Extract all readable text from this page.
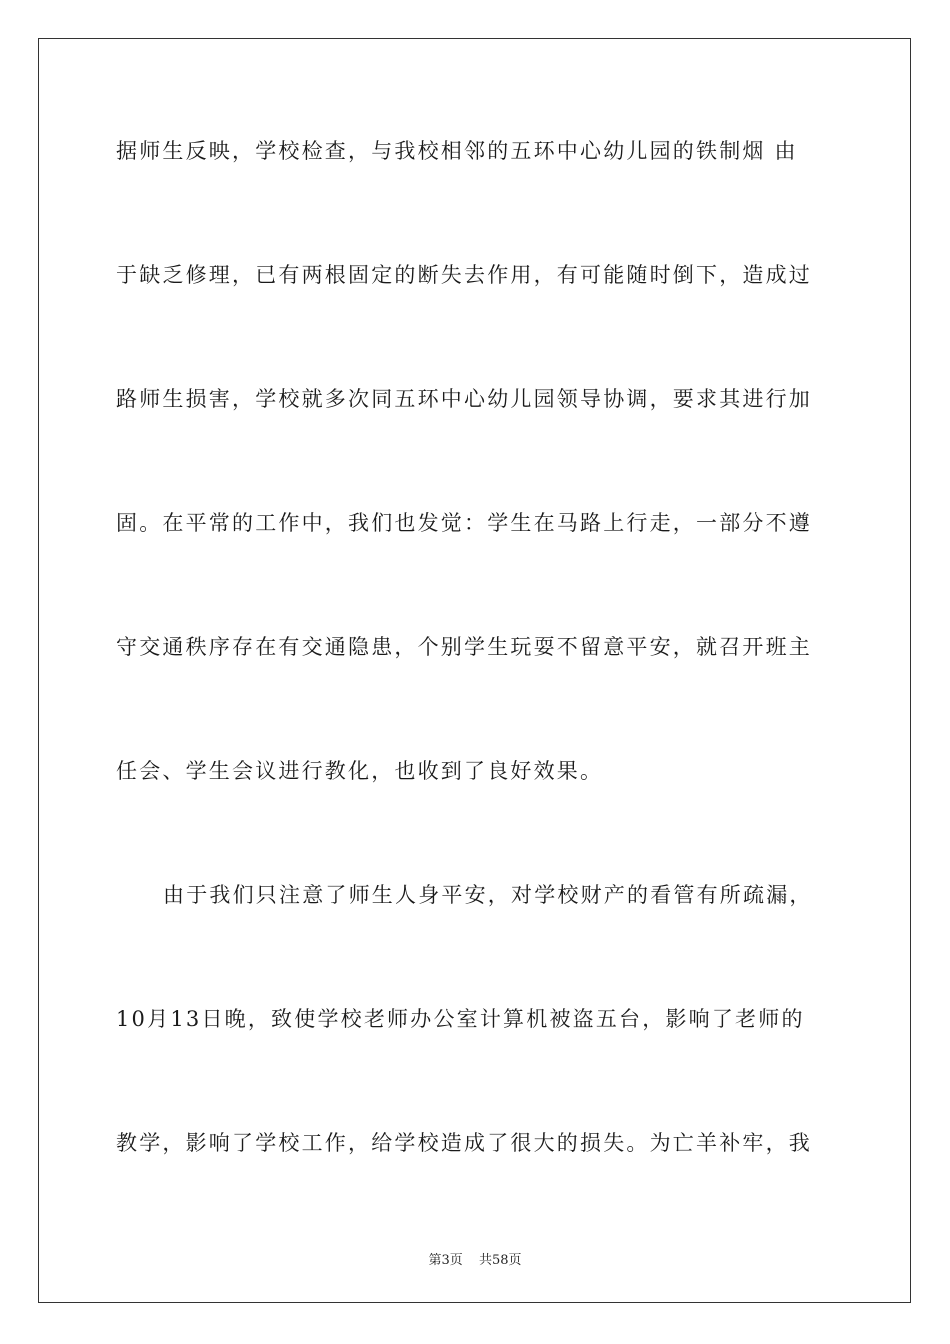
据师生反映，学校检查，与我校相邻的五环中心幼儿园的铁制烟 由
于缺乏修理，已有两根固定的断失去作用，有可能随时倒下，造成过
路师生损害，学校就多次同五环中心幼儿园领导协调，要求其进行加
固。在平常的工作中，我们也发觉：学生在马路上行走，一部分不遵
守交通秩序存在有交通隐患，个别学生玩耍不留意平安，就召开班主
任会、学生会议进行教化，也收到了良好效果。
由于我们只注意了师生人身平安，对学校财产的看管有所疏漏，
10月13日晚，致使学校老师办公室计算机被盗五台，影响了老师的
教学，影响了学校工作，给学校造成了很大的损失。为亡羊补牢，我
第3页 共58页
